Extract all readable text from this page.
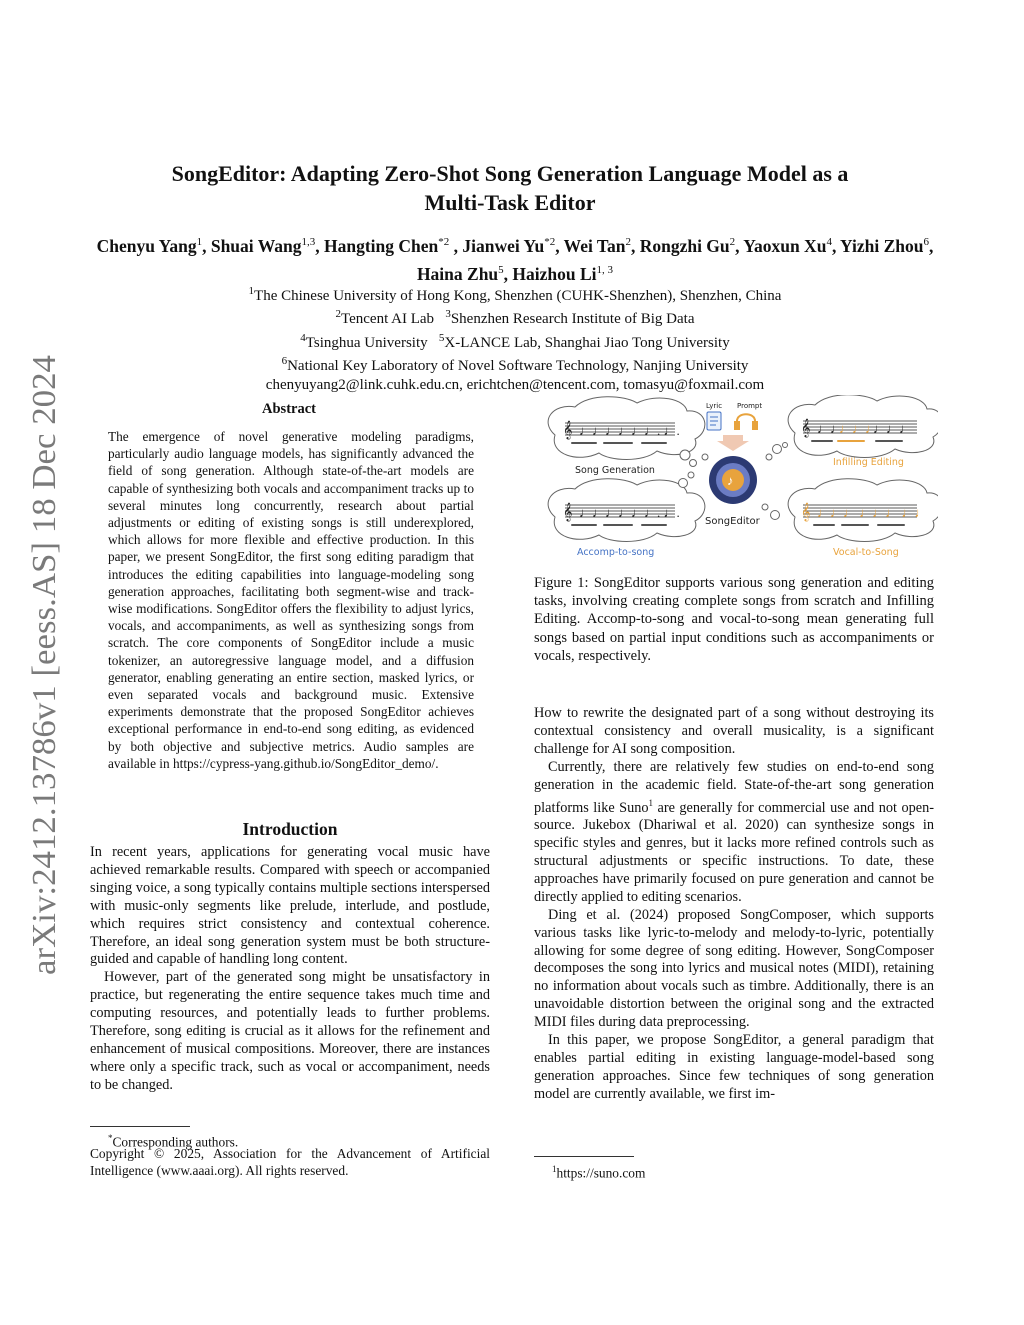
arXiv:2412.13786v1 [eess.AS] 18 Dec 2024
SongEditor: Adapting Zero-Shot Song Generation Language Model as a
Multi-Task Editor
Chenyu Yang$^1$, Shuai Wang$^{1,3}$, Hangting Chen$^{*2}$ , Jianwei Yu$^{*2}$, Wei Tan$^2$, Rongzhi Gu$^2$, Yaoxun Xu$^4$, Yizhi Zhou$^6$, Haina Zhu$^5$, Haizhou Li$^{1, 3}$
$^1$The Chinese University of Hong Kong, Shenzhen (CUHK-Shenzhen), Shenzhen, China
$^2$Tencent AI Lab $^3$Shenzhen Research Institute of Big Data
$^4$Tsinghua University $^5$X-LANCE Lab, Shanghai Jiao Tong University
$^6$National Key Laboratory of Novel Software Technology, Nanjing University
chenyuyang2@link.cuhk.edu.cn, erichtchen@tencent.com, tomasyu@foxmail.com
Abstract

The emergence of novel generative modeling paradigms, particularly audio language models, has significantly advanced the field of song generation. Although state-of-the-art models are capable of synthesizing both vocals and accompaniment tracks up to several minutes long concurrently, research about partial adjustments or editing of existing songs is still underexplored, which allows for more flexible and effective production. In this paper, we present SongEditor, the first song editing paradigm that introduces the editing capabilities into language-modeling song generation approaches, facilitating both segment-wise and track-wise modifications. SongEditor offers the flexibility to adjust lyrics, vocals, and accompaniments, as well as synthesizing songs from scratch. The core components of SongEditor include a music tokenizer, an autoregressive language model, and a diffusion generator, enabling generating an entire section, masked lyrics, or even separated vocals and background music. Extensive experiments demonstrate that the proposed SongEditor achieves exceptional performance in end-to-end song editing, as evidenced by both objective and subjective metrics. Audio samples are available in https://cypress-yang.github.io/SongEditor_demo/.

Introduction

In recent years, applications for generating vocal music have achieved remarkable results. Compared with speech or accompanied singing voice, a song typically contains multiple sections interspersed with music-only segments like prelude, interlude, and postlude, which requires strict consistency and contextual coherence. Therefore, an ideal song generation system must be both structure-guided and capable of handling long content.

However, part of the generated song might be unsatisfactory in practice, but regenerating the entire sequence takes much time and computing resources, and potentially leads to further problems. Therefore, song editing is crucial as it allows for the refinement and enhancement of musical compositions. Moreover, there are instances where only a specific track, such as vocal or accompaniment, needs to be changed.

*Corresponding authors.
Copyright © 2025, Association for the Advancement of Artificial Intelligence (www.aaai.org). All rights reserved.
𝄞 ♩♩♩♩♩♩. ♩.
Song Generation
𝄞 ♩♩♩♩♩♩. ♩.
Accomp-to-song
Lyric Prompt
♪
SongEditor
𝄞 ♩♩
♩♩♩
♩♩♩
Infilling Editing
𝄞 ♩♩♩ ♩♩♩ ♩♩
Vocal-to-Song
Figure 1: SongEditor supports various song generation and editing tasks, involving creating complete songs from scratch and Infilling Editing. Accomp-to-song and vocal-to-song mean generating full songs based on partial input conditions such as accompaniments or vocals, respectively.

How to rewrite the designated part of a song without destroying its contextual consistency and overall musicality, is a significant challenge for AI song composition.

Currently, there are relatively few studies on end-to-end song generation in the academic field. State-of-the-art song generation platforms like Suno$^1$ are generally for commercial use and not open-source. Jukebox (Dhariwal et al. 2020) can synthesize songs in specific styles and genres, but it lacks more refined controls such as structural adjustments or specific instructions. To date, these approaches have primarily focused on pure generation and cannot be directly applied to editing scenarios.

Ding et al. (2024) proposed SongComposer, which supports various tasks like lyric-to-melody and melody-to-lyric, potentially allowing for some degree of song editing. However, SongComposer decomposes the song into lyrics and musical notes (MIDI), retaining no information about vocals such as timbre. Additionally, there is an unavoidable distortion between the original song and the extracted MIDI files during data preprocessing.

In this paper, we propose SongEditor, a general paradigm that enables partial editing in existing language-model-based song generation approaches. Since few techniques of song generation model are currently available, we first im-

$^1$https://suno.com
